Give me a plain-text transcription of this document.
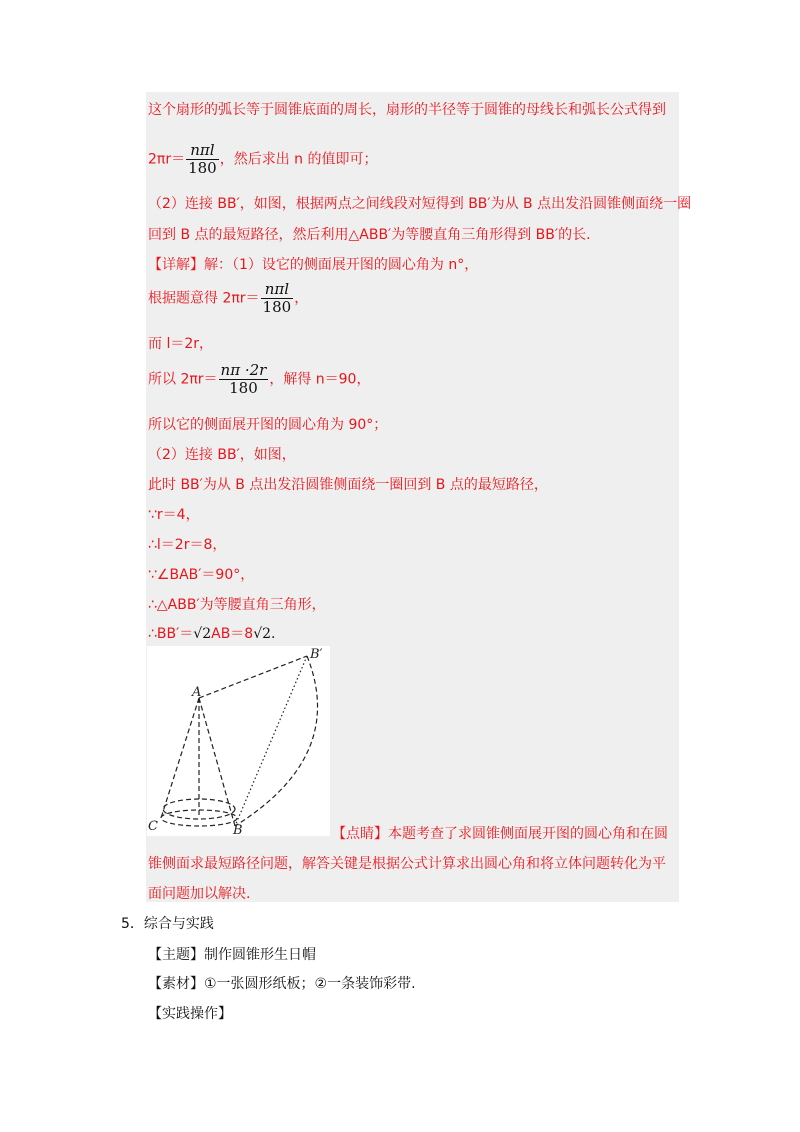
这个扇形的弧长等于圆锥底面的周长，扇形的半径等于圆锥的母线长和弧长公式得到
$2\pi r= \frac{\text{nπl}}{180}$ ，然后求出 n 的值即可；
（2）连接 BB′，如图，根据两点之间线段对短得到 BB′为从 B 点出发沿圆锥侧面绕一圈
回到 B 点的最短路径，然后利用△ABB′为等腰直角三角形得到 BB′的长.
【详解】解：（1）设它的侧面展开图的圆心角为 n°，
根据题意得 $2\pi r= \frac{\text{nπl}}{180}$ ，
而 l＝2r，
所以 $2\pi r= \frac{n\pi \cdot 2r}{180}$ ，解得 n＝90，
所以它的侧面展开图的圆心角为 90°；
（2）连接 BB′，如图，
此时 BB′为从 B 点出发沿圆锥侧面绕一圈回到 B 点的最短路径，
∵r＝4，
∴l＝2r＝8，
∵∠BAB′＝90°，
∴△ABB′为等腰直角三角形，
∴BB′＝√2AB＝8√2.
A
B
B′
C	【点睛】本题考查了求圆锥侧面展开图的圆心角和在圆
锥侧面求最短路径问题，解答关键是根据公式计算求出圆心角和将立体问题转化为平
面问题加以解决.
5．综合与实践
【主题】制作圆锥形生日帽
【素材】①一张圆形纸板；②一条装饰彩带.
【实践操作】
